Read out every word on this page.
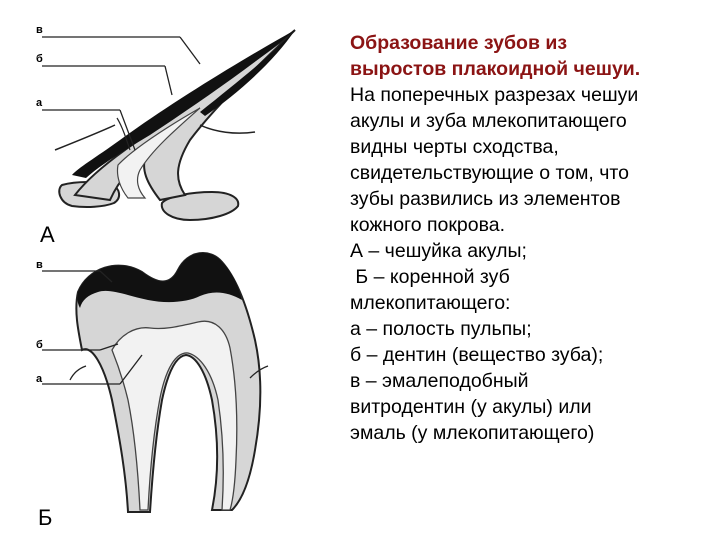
в
б
а
А
в
б
а
Б
Образование зубов из
выростов плакоидной чешуи.
На поперечных разрезах чешуи
акулы и зуба млекопитающего
видны черты сходства,
свидетельствующие о том, что
зубы развились из элементов
кожного покрова.
А – чешуйка акулы;
Б – коренной зуб
млекопитающего:
а – полость пульпы;
б – дентин (вещество зуба);
в – эмалеподобный
витродентин (у акулы) или
эмаль (у млекопитающего)
